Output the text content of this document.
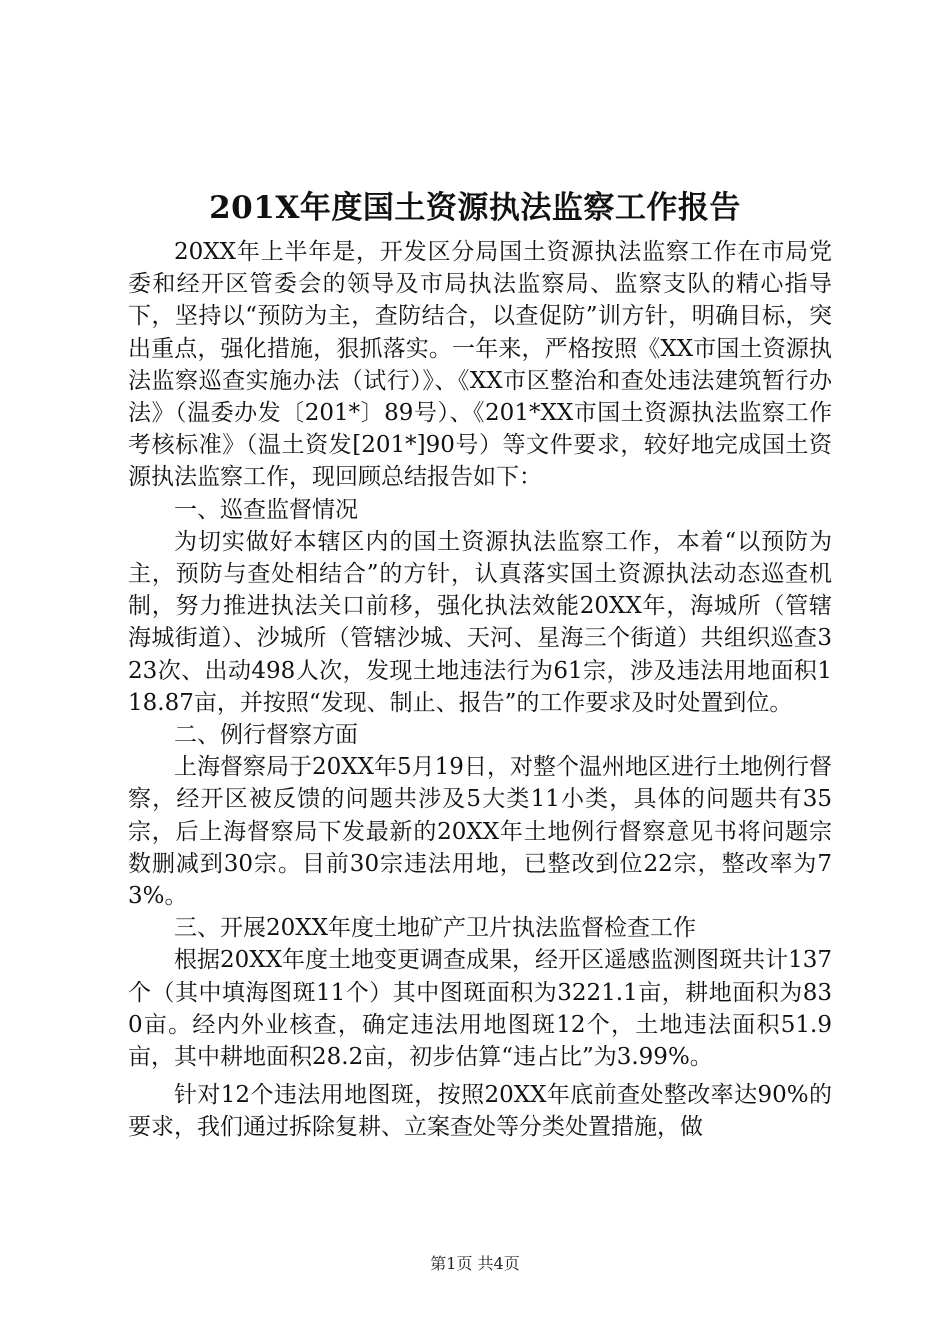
201X年度国土资源执法监察工作报告

20XX年上半年是，开发区分局国土资源执法监察工作在市局党委和经开区管委会的领导及市局执法监察局、监察支队的精心指导下，坚持以“预防为主，查防结合，以查促防”训方针，明确目标，突出重点，强化措施，狠抓落实。一年来，严格按照《XX市国土资源执法监察巡查实施办法（试行）》、《XX市区整治和查处违法建筑暂行办法》（温委办发〔201*〕89号）、《201*XX市国土资源执法监察工作考核标准》（温土资发[201*]90号）等文件要求，较好地完成国土资源执法监察工作，现回顾总结报告如下：

一、巡查监督情况

为切实做好本辖区内的国土资源执法监察工作，本着“以预防为主，预防与查处相结合”的方针，认真落实国土资源执法动态巡查机制，努力推进执法关口前移，强化执法效能20XX年，海城所（管辖海城街道）、沙城所（管辖沙城、天河、星海三个街道）共组织巡查323次、出动498人次，发现土地违法行为61宗，涉及违法用地面积118.87亩，并按照“发现、制止、报告”的工作要求及时处置到位。

二、例行督察方面

上海督察局于20XX年5月19日，对整个温州地区进行土地例行督察，经开区被反馈的问题共涉及5大类11小类，具体的问题共有35宗，后上海督察局下发最新的20XX年土地例行督察意见书将问题宗数删减到30宗。目前30宗违法用地，已整改到位22宗，整改率为73%。

三、开展20XX年度土地矿产卫片执法监督检查工作

根据20XX年度土地变更调查成果，经开区遥感监测图斑共计137个（其中填海图斑11个）其中图斑面积为3221.1亩，耕地面积为830亩。经内外业核查，确定违法用地图斑12个，土地违法面积51.9亩，其中耕地面积28.2亩，初步估算“违占比”为3.99%。

针对12个违法用地图斑，按照20XX年底前查处整改率达90%的要求，我们通过拆除复耕、立案查处等分类处置措施，做

第1页 共4页
